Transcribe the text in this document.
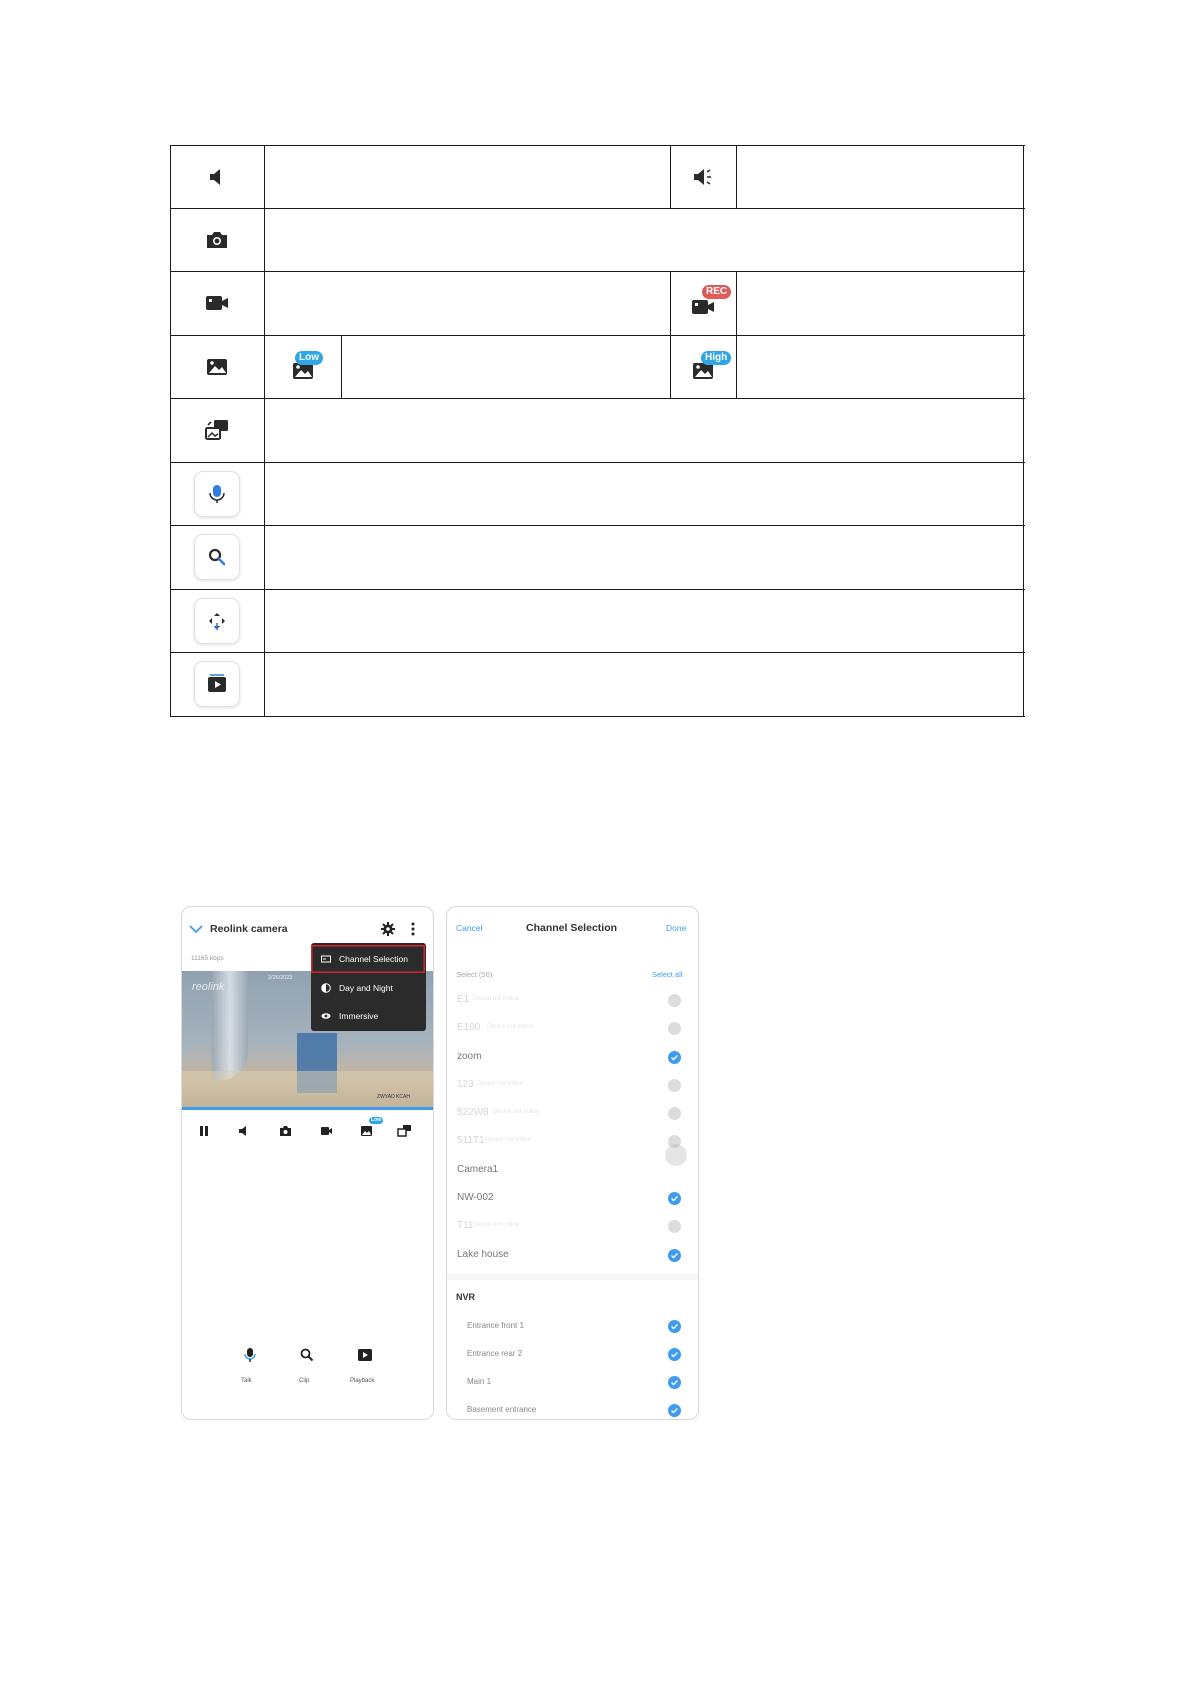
REC
Low	High
Reolink camera
11165 kbps
reolink
2/26/2023
ZWYAD KCAH
Channel Selection
Day and Night
Immersive
Low
Talk	Clip	Playback
Cancel	Channel Selection	Done
Select (56)	Select all
E1 Device not online
E100 Device not online
zoom
123 Device not online
522W8 Device not online
511T1 Device not online
Camera1
NW-002
T11 Device not online
Lake house
NVR
Entrance front 1
Entrance rear 2
Main 1
Basement entrance
